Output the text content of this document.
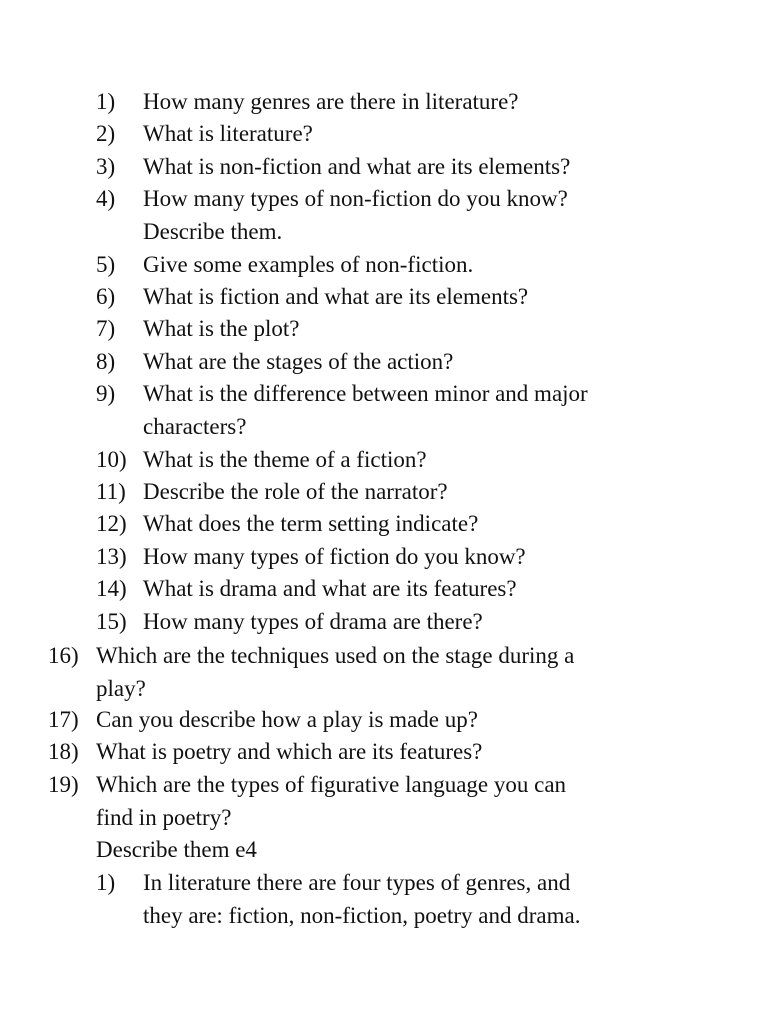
1) How many genres are there in literature?
2) What is literature?
3) What is non-fiction and what are its elements?
4) How many types of non-fiction do you know?
Describe them.
5) Give some examples of non-fiction.
6) What is fiction and what are its elements?
7) What is the plot?
8) What are the stages of the action?
9) What is the difference between minor and major
characters?
10) What is the theme of a fiction?
11) Describe the role of the narrator?
12) What does the term setting indicate?
13) How many types of fiction do you know?
14) What is drama and what are its features?
15) How many types of drama are there?
16) Which are the techniques used on the stage during a
play?
17) Can you describe how a play is made up?
18) What is poetry and which are its features?
19) Which are the types of figurative language you can
find in poetry?
Describe them e4
1) In literature there are four types of genres, and
they are: fiction, non-fiction, poetry and drama.
